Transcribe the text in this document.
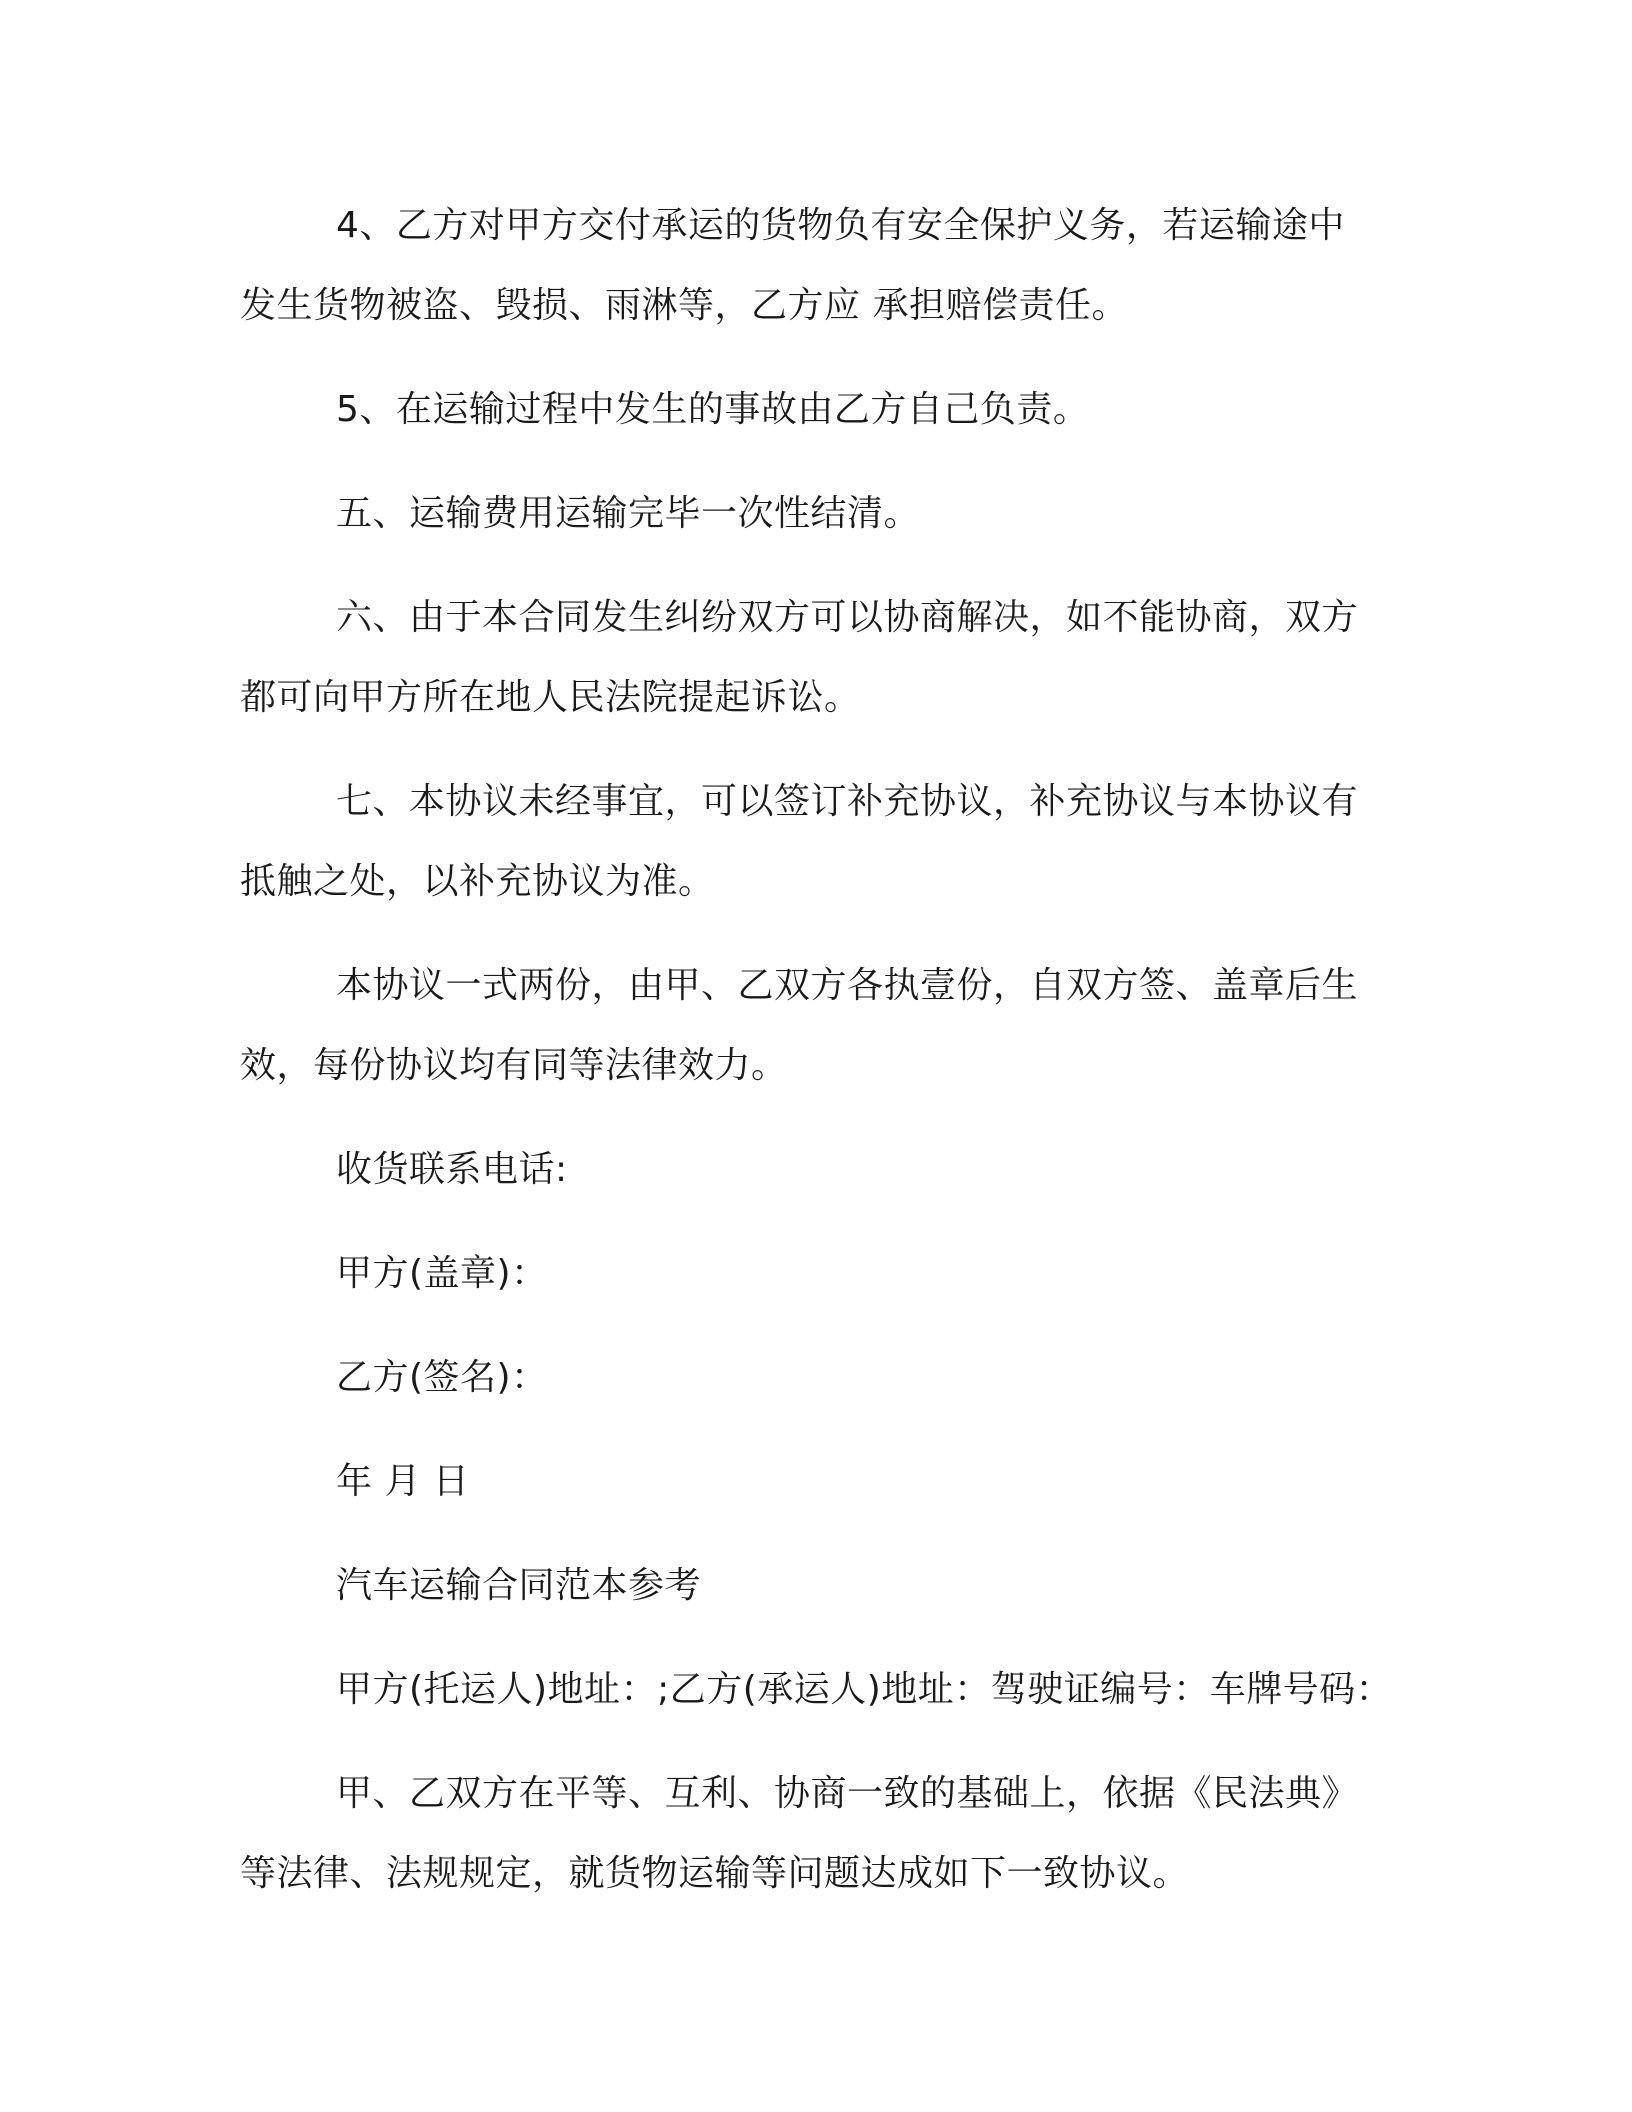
4、乙方对甲方交付承运的货物负有安全保护义务，若运输途中发生货物被盗、毁损、雨淋等，乙方应 承担赔偿责任。

5、在运输过程中发生的事故由乙方自己负责。

五、运输费用运输完毕一次性结清。

六、由于本合同发生纠纷双方可以协商解决，如不能协商，双方都可向甲方所在地人民法院提起诉讼。

七、本协议未经事宜，可以签订补充协议，补充协议与本协议有抵触之处，以补充协议为准。

本协议一式两份，由甲、乙双方各执壹份，自双方签、盖章后生效，每份协议均有同等法律效力。

收货联系电话:

甲方(盖章)：

乙方(签名)：

年 月 日

汽车运输合同范本参考

甲方(托运人)地址：;乙方(承运人)地址：驾驶证编号：车牌号码：

甲、乙双方在平等、互利、协商一致的基础上，依据《民法典》等法律、法规规定，就货物运输等问题达成如下一致协议。
